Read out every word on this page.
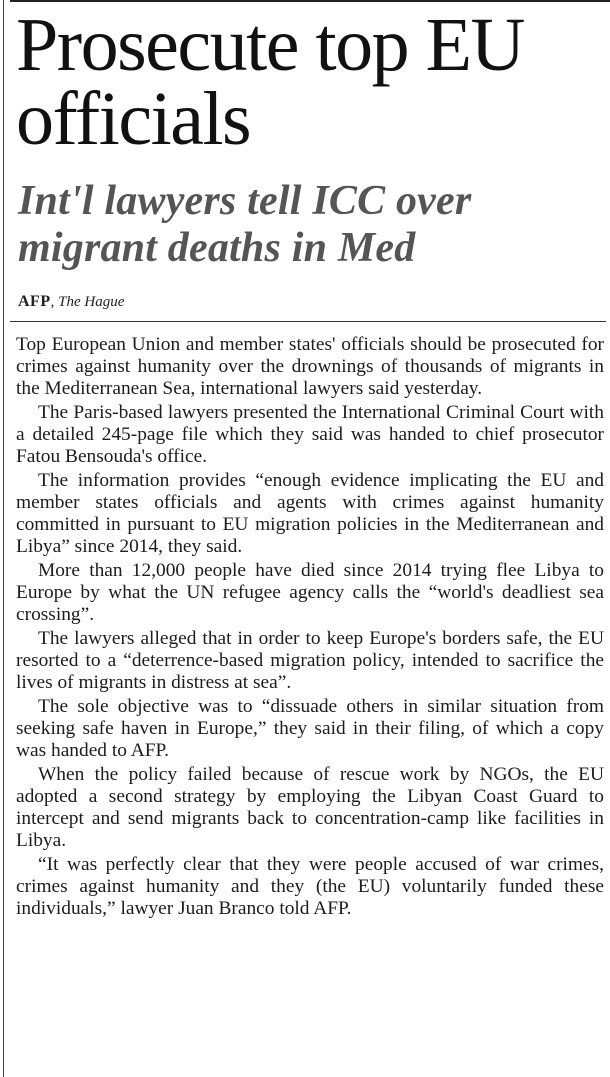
Prosecute top EU officials
Int'l lawyers tell ICC over migrant deaths in Med
AFP, The Hague

Top European Union and member states' officials should be prosecuted for crimes against humanity over the drownings of thousands of migrants in the Mediterranean Sea, international lawyers said yesterday.

The Paris-based lawyers presented the International Criminal Court with a detailed 245-page file which they said was handed to chief prosecutor Fatou Bensouda's office.

The information provides “enough evidence implicating the EU and member states officials and agents with crimes against humanity committed in pursuant to EU migration policies in the Mediterranean and Libya” since 2014, they said.

More than 12,000 people have died since 2014 trying flee Libya to Europe by what the UN refugee agency calls the “world's deadliest sea crossing”.

The lawyers alleged that in order to keep Europe's borders safe, the EU resorted to a “deterrence-based migration policy, intended to sacrifice the lives of migrants in distress at sea”.

The sole objective was to “dissuade others in similar situation from seeking safe haven in Europe,” they said in their filing, of which a copy was handed to AFP.

When the policy failed because of rescue work by NGOs, the EU adopted a second strategy by employing the Libyan Coast Guard to intercept and send migrants back to concentration-camp like facilities in Libya.

“It was perfectly clear that they were people accused of war crimes, crimes against humanity and they (the EU) voluntarily funded these individuals,” lawyer Juan Branco told AFP.
